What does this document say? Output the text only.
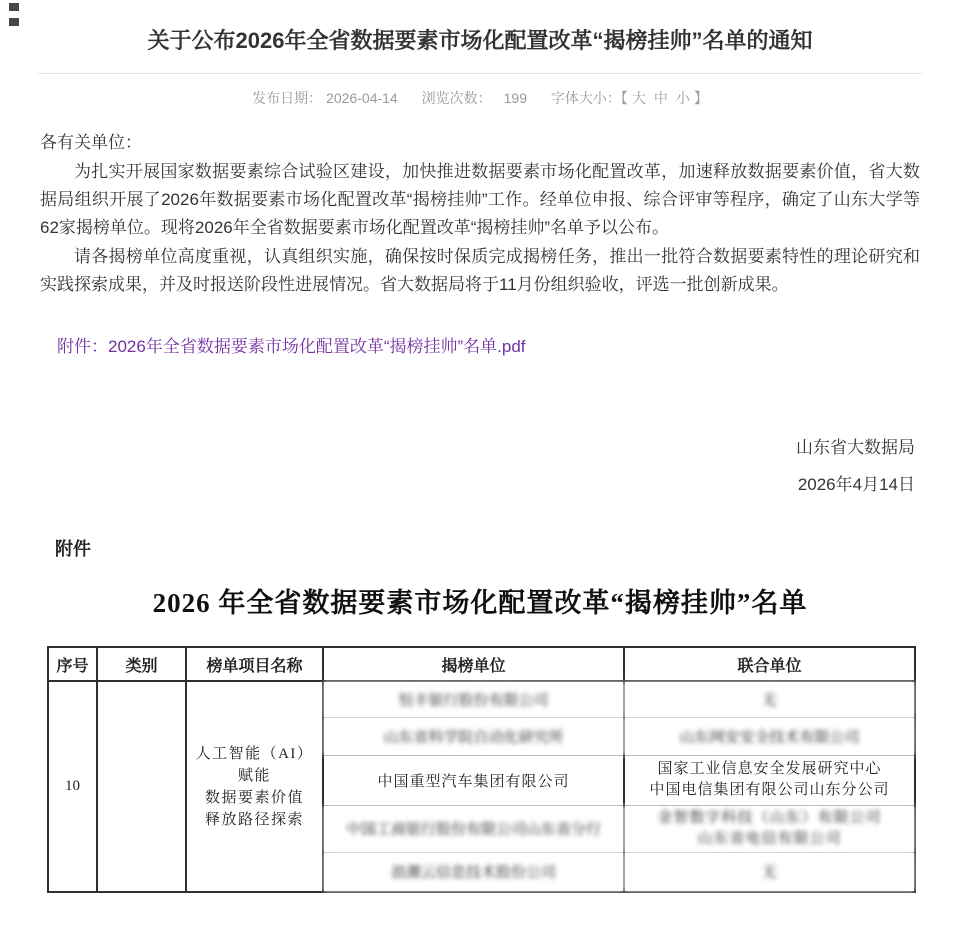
关于公布2026年全省数据要素市场化配置改革“揭榜挂帅”名单的通知
发布日期： 2026-04-14 浏览次数： 199 字体大小：【 大 中 小 】
各有关单位：
为扎实开展国家数据要素综合试验区建设，加快推进数据要素市场化配置改革，加速释放数据要素价值，省大数据局组织开展了2026年数据要素市场化配置改革“揭榜挂帅”工作。经单位申报、综合评审等程序，确定了山东大学等62家揭榜单位。现将2026年全省数据要素市场化配置改革“揭榜挂帅”名单予以公布。
请各揭榜单位高度重视，认真组织实施，确保按时保质完成揭榜任务，推出一批符合数据要素特性的理论研究和实践探索成果，并及时报送阶段性进展情况。省大数据局将于11月份组织验收，评选一批创新成果。
附件：2026年全省数据要素市场化配置改革“揭榜挂帅”名单.pdf
山东省大数据局
2026年4月14日
附件
2026 年全省数据要素市场化配置改革“揭榜挂帅”名单
序号	类别	榜单项目名称	揭榜单位	联合单位
10		人工智能（AI）赋能
数据要素价值
释放路径探索	恒丰银行股份有限公司	无
			山东省科学院自动化研究所	山东网安安全技术有限公司
			中国重型汽车集团有限公司	国家工业信息安全发展研究中心
中国电信集团有限公司山东分公司

			中国工商银行股份有限公司山东省分行	金智数字科技（山东）有限公司
山东省电信有限公司

			浪潮云信息技术股份公司	无
